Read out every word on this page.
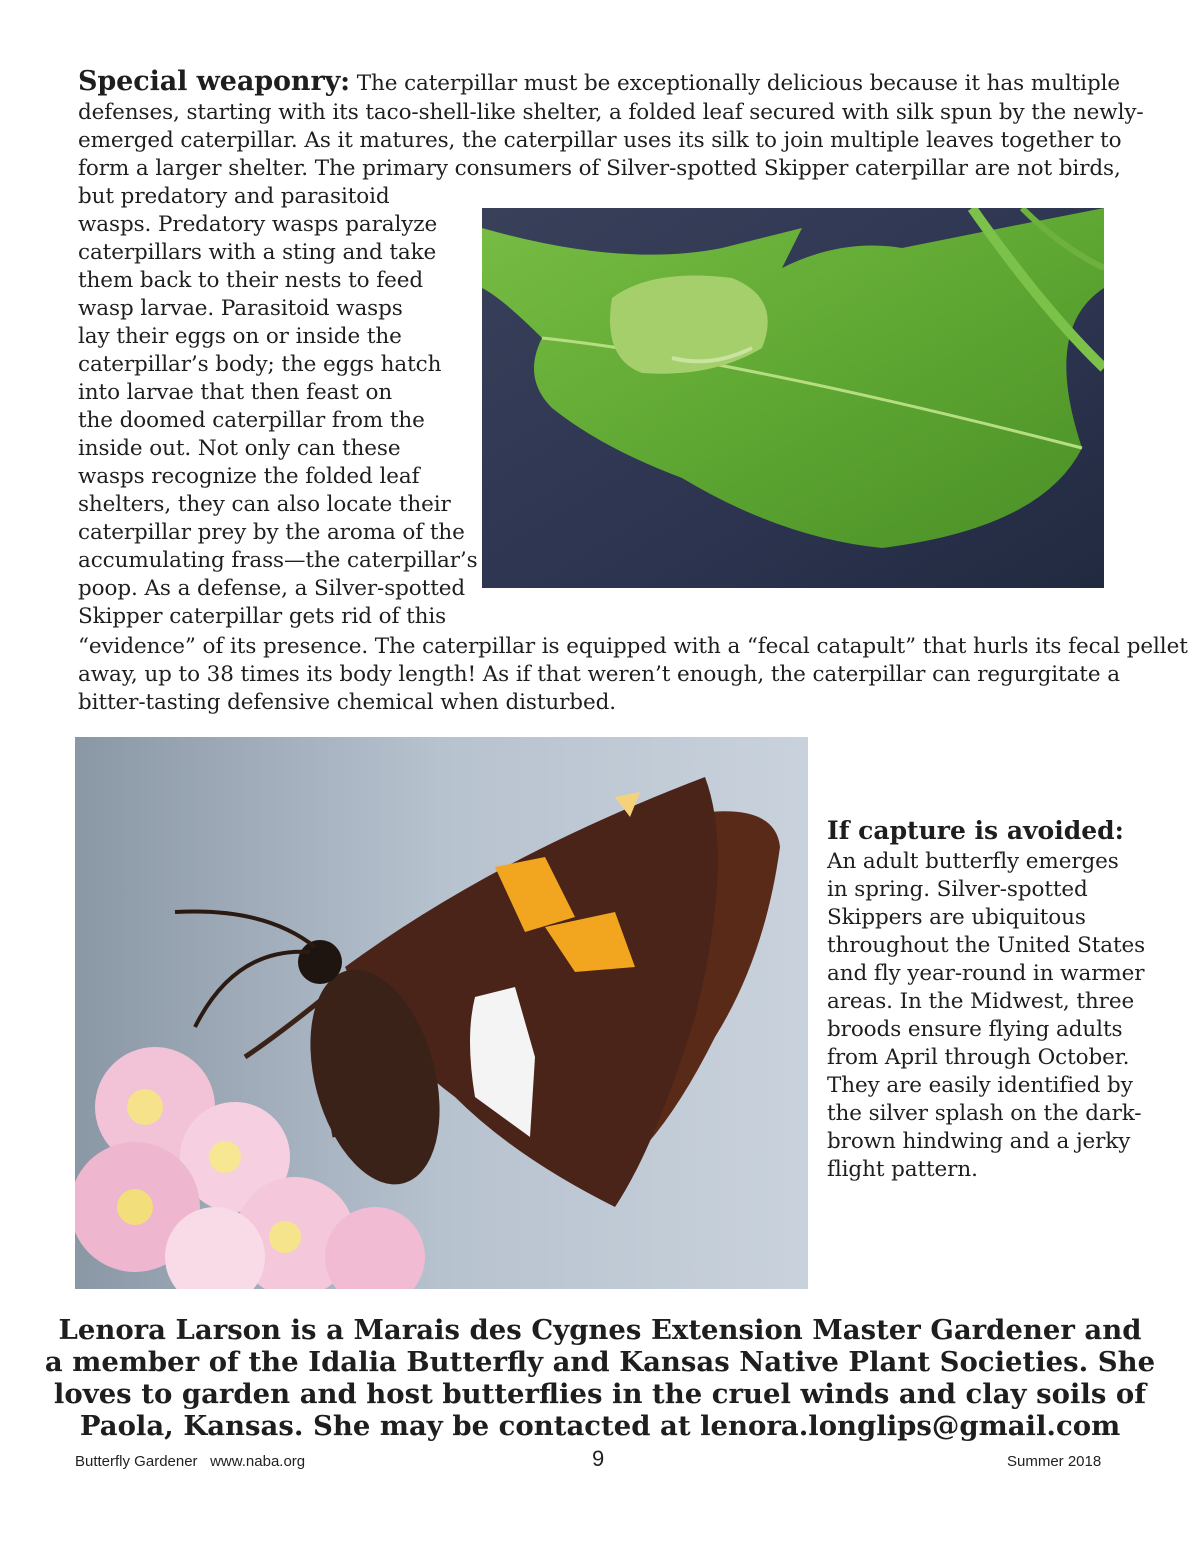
Special weaponry: The caterpillar must be exceptionally delicious because it has multiple
defenses, starting with its taco-shell-like shelter, a folded leaf secured with silk spun by the newly-
emerged caterpillar. As it matures, the caterpillar uses its silk to join multiple leaves together to
form a larger shelter. The primary consumers of Silver-spotted Skipper caterpillar are not birds,
but predatory and parasitoid
wasps. Predatory wasps paralyze
caterpillars with a sting and take
them back to their nests to feed
wasp larvae. Parasitoid wasps
lay their eggs on or inside the
caterpillar’s body; the eggs hatch
into larvae that then feast on
the doomed caterpillar from the
inside out. Not only can these
wasps recognize the folded leaf
shelters, they can also locate their
caterpillar prey by the aroma of the
accumulating frass—the caterpillar’s
poop. As a defense, a Silver-spotted
Skipper caterpillar gets rid of this
“evidence” of its presence. The caterpillar is equipped with a “fecal catapult” that hurls its fecal pellet
away, up to 38 times its body length! As if that weren’t enough, the caterpillar can regurgitate a
bitter-tasting defensive chemical when disturbed.
If capture is avoided:
An adult butterfly emerges
in spring. Silver-spotted
Skippers are ubiquitous
throughout the United States
and fly year-round in warmer
areas. In the Midwest, three
broods ensure flying adults
from April through October.
They are easily identified by
the silver splash on the dark-
brown hindwing and a jerky
flight pattern.
Lenora Larson is a Marais des Cygnes Extension Master Gardener and
a member of the Idalia Butterfly and Kansas Native Plant Societies. She
loves to garden and host butterflies in the cruel winds and clay soils of
Paola, Kansas. She may be contacted at lenora.longlips@gmail.com
Butterfly Gardener www.naba.org	9	Summer 2018
